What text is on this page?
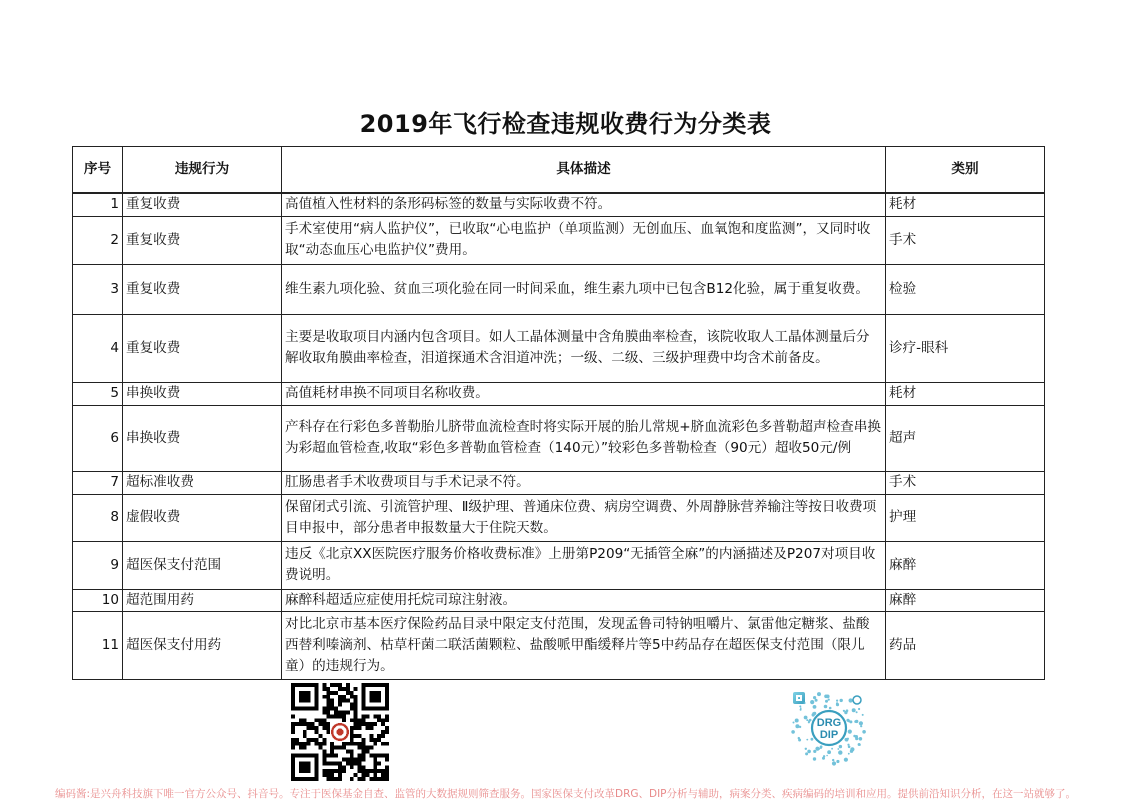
2019年飞行检查违规收费行为分类表
序号	违规行为	具体描述	类别
1	重复收费	高值植入性材料的条形码标签的数量与实际收费不符。	耗材
2	重复收费	手术室使用“病人监护仪”，已收取“心电监护（单项监测）无创血压、血氧饱和度监测”，又同时收取“动态血压心电监护仪”费用。	手术
3	重复收费	维生素九项化验、贫血三项化验在同一时间采血，维生素九项中已包含B12化验，属于重复收费。	检验
4	重复收费	主要是收取项目内涵内包含项目。如人工晶体测量中含角膜曲率检查，该院收取人工晶体测量后分解收取角膜曲率检查，泪道探通术含泪道冲洗；一级、二级、三级护理费中均含术前备皮。	诊疗-眼科
5	串换收费	高值耗材串换不同项目名称收费。	耗材
6	串换收费	产科存在行彩色多普勒胎儿脐带血流检查时将实际开展的胎儿常规+脐血流彩色多普勒超声检查串换为彩超血管检查,收取“彩色多普勒血管检查（140元）”较彩色多普勒检查（90元）超收50元/例	超声
7	超标准收费	肛肠患者手术收费项目与手术记录不符。	手术
8	虚假收费	保留闭式引流、引流管护理、Ⅱ级护理、普通床位费、病房空调费、外周静脉营养输注等按日收费项目申报中，部分患者申报数量大于住院天数。	护理
9	超医保支付范围	违反《北京XX医院医疗服务价格收费标准》上册第P209“无插管全麻”的内涵描述及P207对项目收费说明。	麻醉
10	超范围用药	麻醉科超适应症使用托烷司琼注射液。	麻醉
11	超医保支付用药	对比北京市基本医疗保险药品目录中限定支付范围，发现孟鲁司特钠咀嚼片、氯雷他定糖浆、盐酸西替利嗪滴剂、枯草杆菌二联活菌颗粒、盐酸哌甲酯缓释片等5中药品存在超医保支付范围（限儿童）的违规行为。	药品
DRG
DIP
编码酱:是兴舟科技旗下唯一官方公众号、抖音号。专注于医保基金自查、监管的大数据规则筛查服务。国家医保支付改革DRG、DIP分析与辅助，病案分类、疾病编码的培训和应用。提供前沿知识分析，在这一站就够了。
